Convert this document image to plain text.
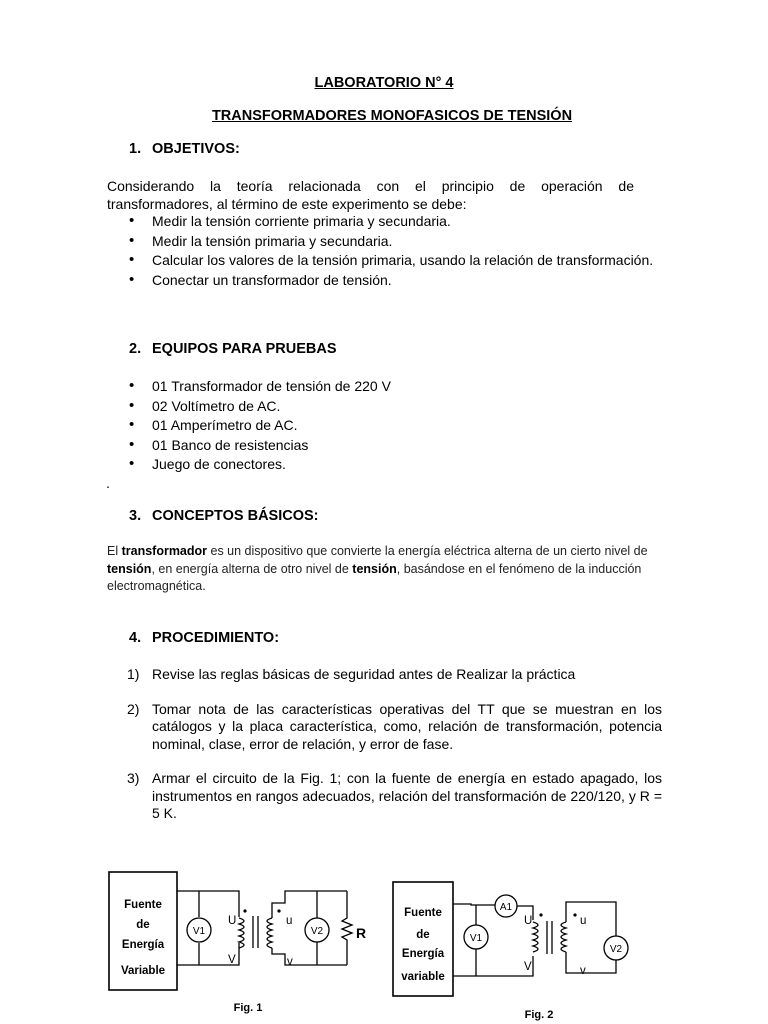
LABORATORIO N° 4
TRANSFORMADORES MONOFASICOS DE TENSIÓN
1. OBJETIVOS:
Considerando la teoría relacionada con el principio de operación de transformadores, al término de este experimento se debe:
• Medir la tensión corriente primaria y secundaria.
• Medir la tensión primaria y secundaria.
• Calcular los valores de la tensión primaria, usando la relación de transformación.
• Conectar un transformador de tensión.
2. EQUIPOS PARA PRUEBAS
• 01 Transformador de tensión de 220 V
• 02 Voltímetro de AC.
• 01 Amperímetro de AC.
• 01 Banco de resistencias
• Juego de conectores.
.
3. CONCEPTOS BÁSICOS:
El transformador es un dispositivo que convierte la energía eléctrica alterna de un cierto nivel de tensión, en energía alterna de otro nivel de tensión, basándose en el fenómeno de la inducción electromagnética.
4. PROCEDIMIENTO:
1) Revise las reglas básicas de seguridad antes de Realizar la práctica
2) Tomar nota de las características operativas del TT que se muestran en los catálogos y la placa característica, como, relación de transformación, potencia nominal, clase, error de relación, y error de fase.
3) Armar el circuito de la Fig. 1; con la fuente de energía en estado apagado, los instrumentos en rangos adecuados, relación del transformación de 220/120, y R = 5 K.
Fuente
de
Energía
Variable
V1	V2
U
V
u
v
R
Fig. 1
Fuente
de
Energía
variable
A1
V1
V2
U
V
u
v
Fig. 2
